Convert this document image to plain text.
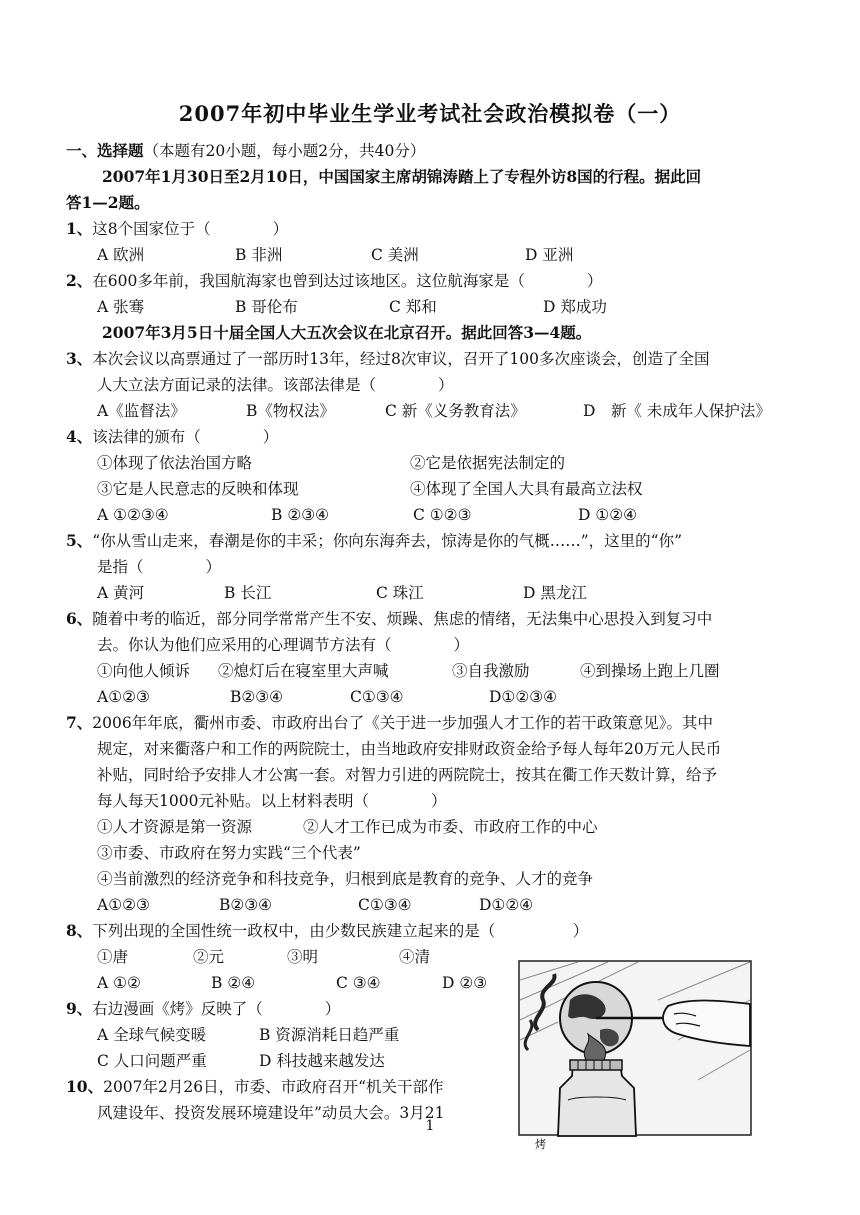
2007年初中毕业生学业考试社会政治模拟卷（一）
一、选择题（本题有20小题，每小题2分，共40分）
2007年1月30日至2月10日，中国国家主席胡锦涛踏上了专程外访8国的行程。据此回
答1—2题。
1、这8个国家位于（　　　　）
A 欧洲	B 非洲	C 美洲	D 亚洲
2、在600多年前，我国航海家也曾到达过该地区。这位航海家是（　　　　）
A 张骞	B 哥伦布	C 郑和	D 郑成功
2007年3月5日十届全国人大五次会议在北京召开。据此回答3—4题。
3、本次会议以高票通过了一部历时13年，经过8次审议，召开了100多次座谈会，创造了全国
人大立法方面记录的法律。该部法律是（　　　　）
A《监督法》	B《物权法》	C 新《义务教育法》	D　新《 未成年人保护法》
4、该法律的颁布（　　　　）
①体现了依法治国方略	②它是依据宪法制定的
③它是人民意志的反映和体现	④体现了全国人大具有最高立法权
A ①②③④	B ②③④	C ①②③	D ①②④
5、“你从雪山走来，春潮是你的丰采；你向东海奔去，惊涛是你的气概……”，这里的“你”
是指（　　　　）
A 黄河	B 长江	C 珠江	D 黑龙江
6、随着中考的临近，部分同学常常产生不安、烦躁、焦虑的情绪，无法集中心思投入到复习中
去。你认为他们应采用的心理调节方法有（　　　　）
①向他人倾诉 ②熄灯后在寝室里大声喊	③自我激励	④到操场上跑上几圈
A①②③	B②③④	C①③④	D①②③④
7、2006年年底，衢州市委、市政府出台了《关于进一步加强人才工作的若干政策意见》。其中
规定，对来衢落户和工作的两院院士，由当地政府安排财政资金给予每人每年20万元人民币
补贴，同时给予安排人才公寓一套。对智力引进的两院院士，按其在衢工作天数计算，给予
每人每天1000元补贴。以上材料表明（　　　　）
①人才资源是第一资源	②人才工作已成为市委、市政府工作的中心
③市委、市政府在努力实践“三个代表”
④当前激烈的经济竞争和科技竞争，归根到底是教育的竞争、人才的竞争
A①②③	B②③④	C①③④	D①②④
8、下列出现的全国性统一政权中，由少数民族建立起来的是（　　　　　）
①唐	②元	③明	④清
A ①②	B ②④	C ③④	D ②③
9、右边漫画《烤》反映了（　　　　）
A 全球气候变暖	B 资源消耗日趋严重
C 人口问题严重	D 科技越来越发达
10、2007年2月26日，市委、市政府召开“机关干部作
风建设年、投资发展环境建设年”动员大会。3月21
烤
1
